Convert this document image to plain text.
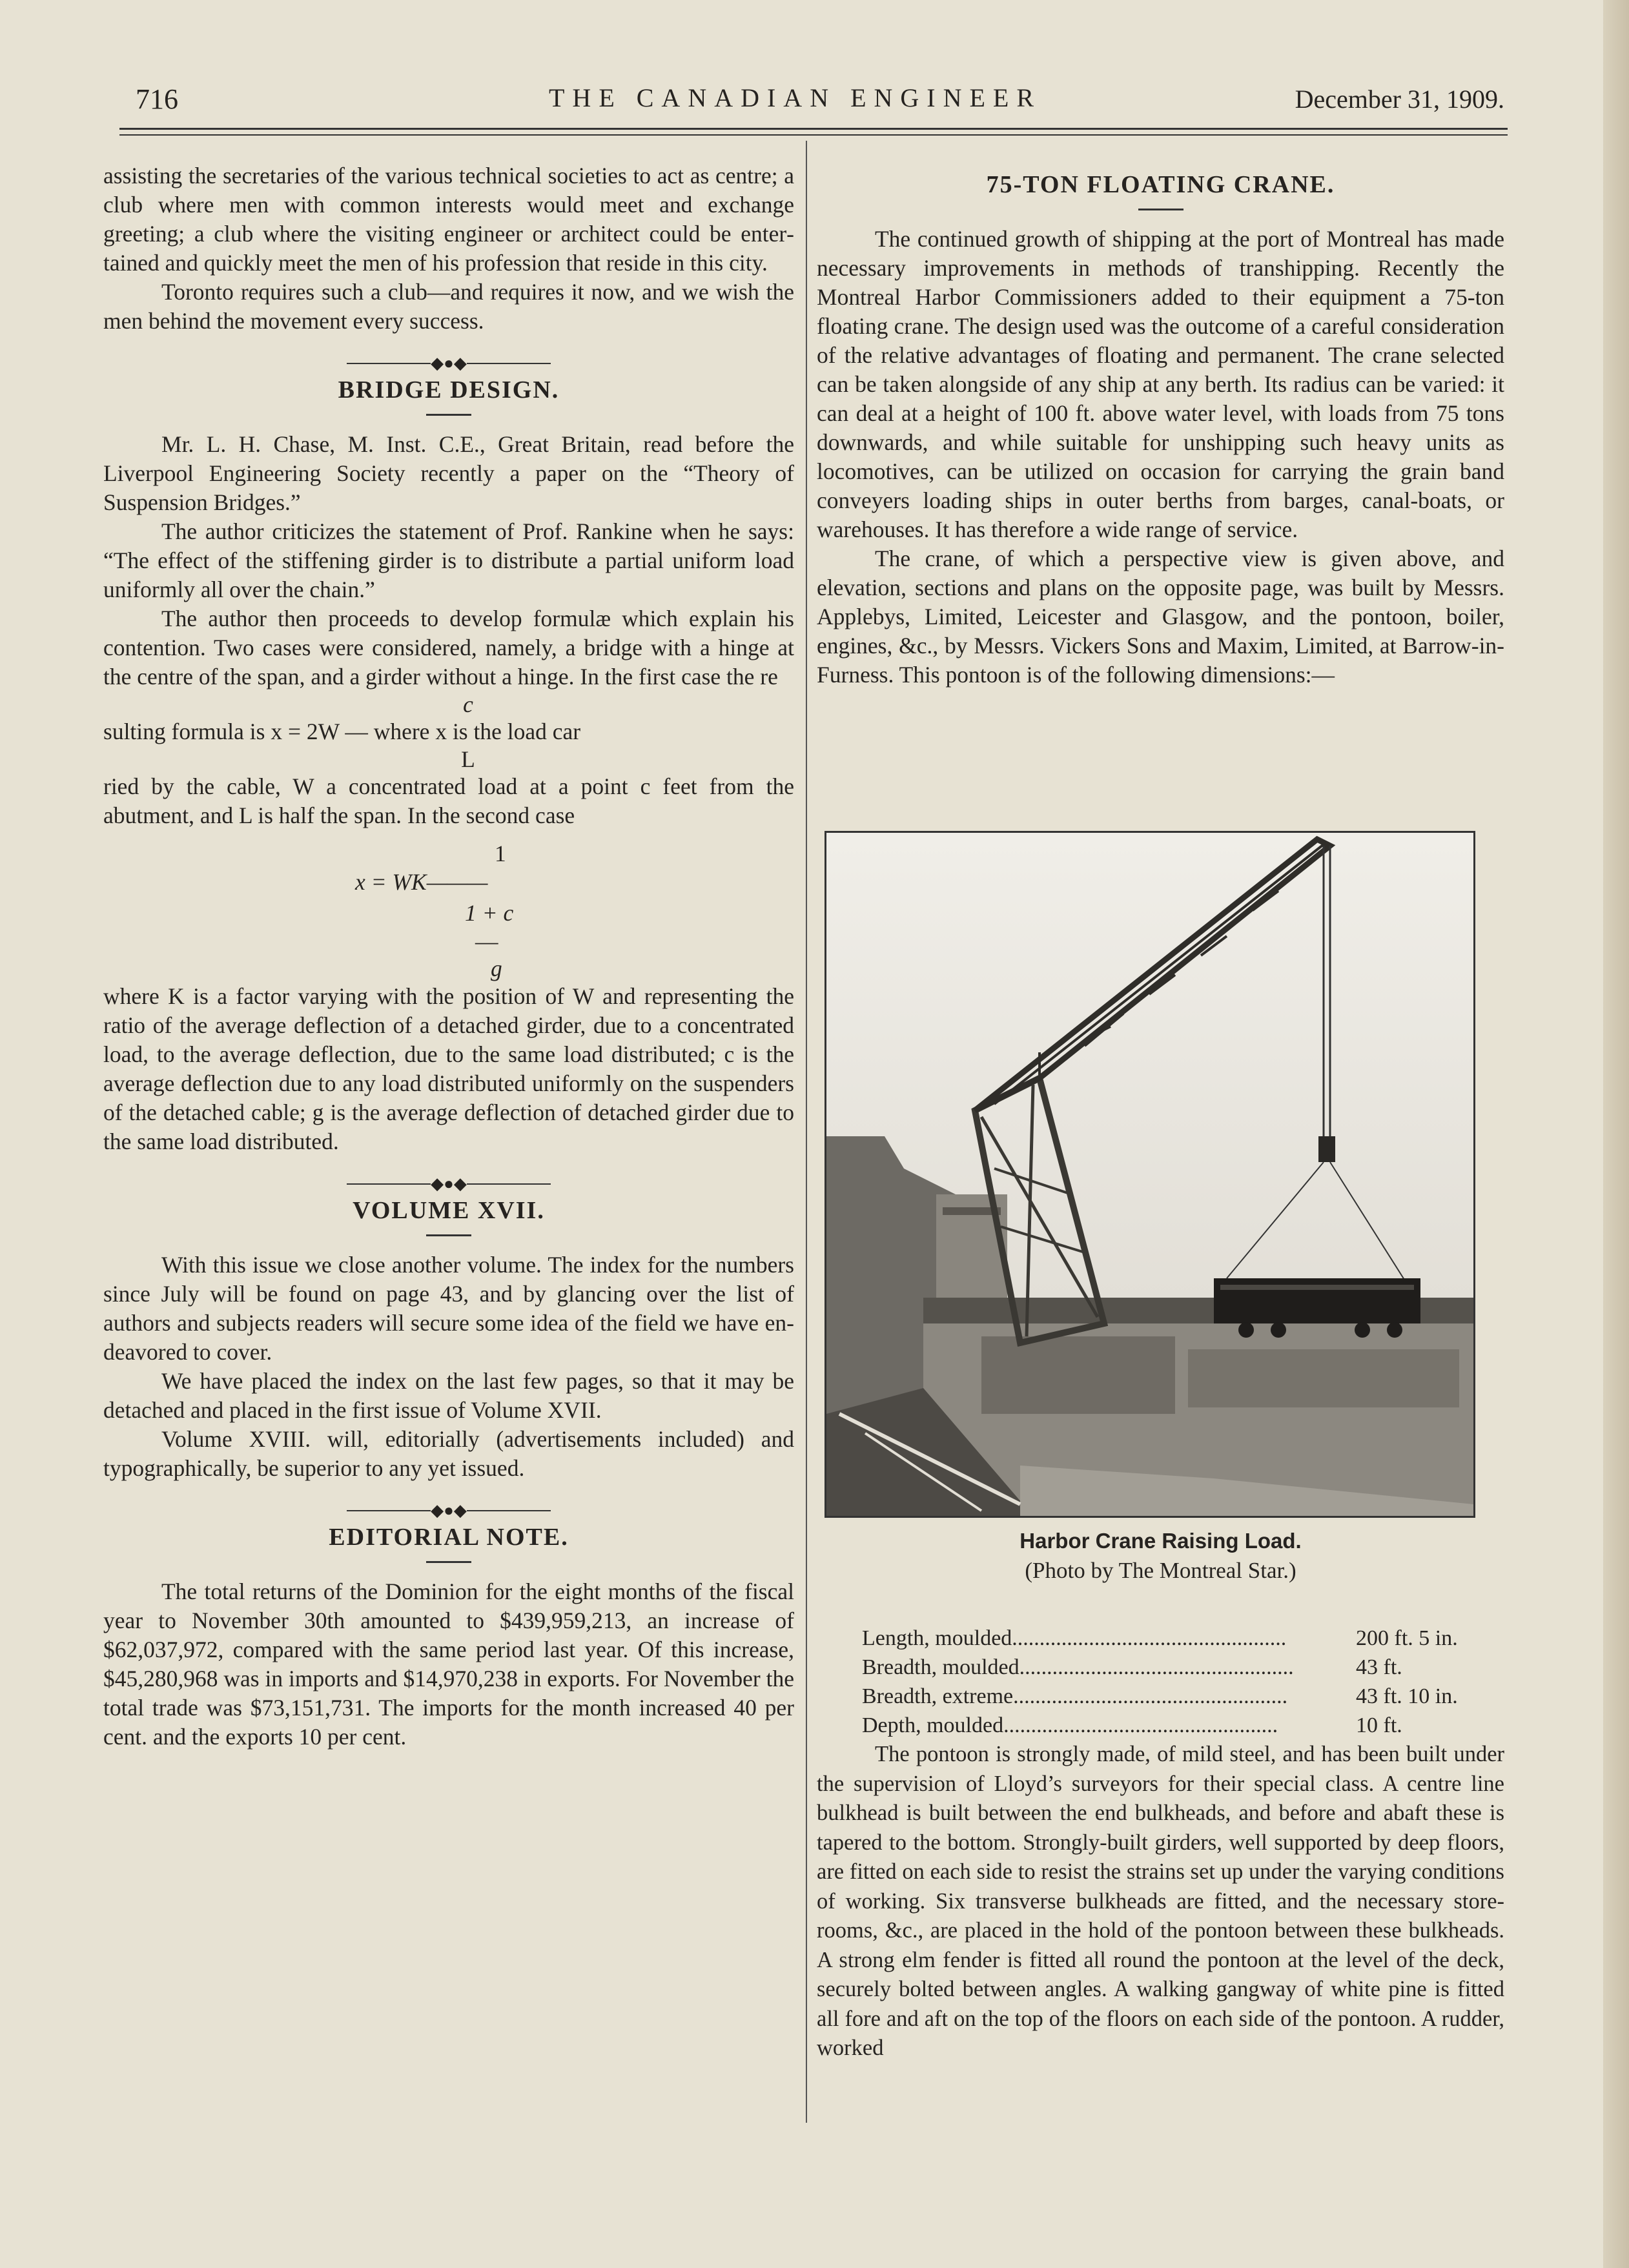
716	THE CANADIAN ENGINEER	December 31, 1909.

assisting the secretaries of the various technical societies to act as centre; a club where men with common interests would meet and exchange greeting; a club where the visiting engineer or architect could be entertained and quickly meet the men of his profession that reside in this city.

Toronto requires such a club—and requires it now, and we wish the men behind the movement every success.

◆●◆
BRIDGE DESIGN.

Mr. L. H. Chase, M. Inst. C.E., Great Britain, read before the Liverpool Engineering Society recently a paper on the “Theory of Suspension Bridges.”

The author criticizes the statement of Prof. Rankine when he says: “The effect of the stiffening girder is to distribute a partial uniform load uniformly all over the chain.”

The author then proceeds to develop formulæ which explain his contention. Two cases were considered, namely, a bridge with a hinge at the centre of the span, and a girder without a hinge. In the first case the re

c

sulting formula is x = 2W — where x is the load car

L

ried by the cable, W a concentrated load at a point c feet from the abutment, and L is half the span. In the second case

1
x = WK———
1 + c
—
g

where K is a factor varying with the position of W and representing the ratio of the average deflection of a detached girder, due to a concentrated load, to the average deflection, due to the same load distributed; c is the average deflection due to any load distributed uniformly on the suspenders of the detached cable; g is the average deflection of detached girder due to the same load distributed.

◆●◆
VOLUME XVII.

With this issue we close another volume. The index for the numbers since July will be found on page 43, and by glancing over the list of authors and subjects readers will secure some idea of the field we have endeavored to cover.

We have placed the index on the last few pages, so that it may be detached and placed in the first issue of Volume XVII.

Volume XVIII. will, editorially (advertisements included) and typographically, be superior to any yet issued.

◆●◆
EDITORIAL NOTE.

The total returns of the Dominion for the eight months of the fiscal year to November 30th amounted to $439,959,213, an increase of $62,037,972, compared with the same period last year. Of this increase, $45,280,968 was in imports and $14,970,238 in exports. For November the total trade was $73,151,731. The imports for the month increased 40 per cent. and the exports 10 per cent.

75-TON FLOATING CRANE.

The continued growth of shipping at the port of Montreal has made necessary improvements in methods of transhipping. Recently the Montreal Harbor Commissioners added to their equipment a 75-ton floating crane. The design used was the outcome of a careful consideration of the relative advantages of floating and permanent. The crane selected can be taken alongside of any ship at any berth. Its radius can be varied: it can deal at a height of 100 ft. above water level, with loads from 75 tons downwards, and while suitable for unshipping such heavy units as locomotives, can be utilized on occasion for carrying the grain band conveyers loading ships in outer berths from barges, canal-boats, or warehouses. It has therefore a wide range of service.

The crane, of which a perspective view is given above, and elevation, sections and plans on the opposite page, was built by Messrs. Applebys, Limited, Leicester and Glasgow, and the pontoon, boiler, engines, &c., by Messrs. Vickers Sons and Maxim, Limited, at Barrow-in-Furness. This pontoon is of the following dimensions:—

Harbor Crane Raising Load.
(Photo by The Montreal Star.)
Length, moulded ..................................................	200 ft. 5 in.
Breadth, moulded ..................................................	43 ft.
Breadth, extreme ..................................................	43 ft. 10 in.
Depth, moulded ..................................................	10 ft.

The pontoon is strongly made, of mild steel, and has been built under the supervision of Lloyd’s surveyors for their special class. A centre line bulkhead is built between the end bulkheads, and before and abaft these is tapered to the bottom. Strongly-built girders, well supported by deep floors, are fitted on each side to resist the strains set up under the varying conditions of working. Six transverse bulkheads are fitted, and the necessary store-rooms, &c., are placed in the hold of the pontoon between these bulkheads. A strong elm fender is fitted all round the pontoon at the level of the deck, securely bolted between angles. A walking gangway of white pine is fitted all fore and aft on the top of the floors on each side of the pontoon. A rudder, worked
